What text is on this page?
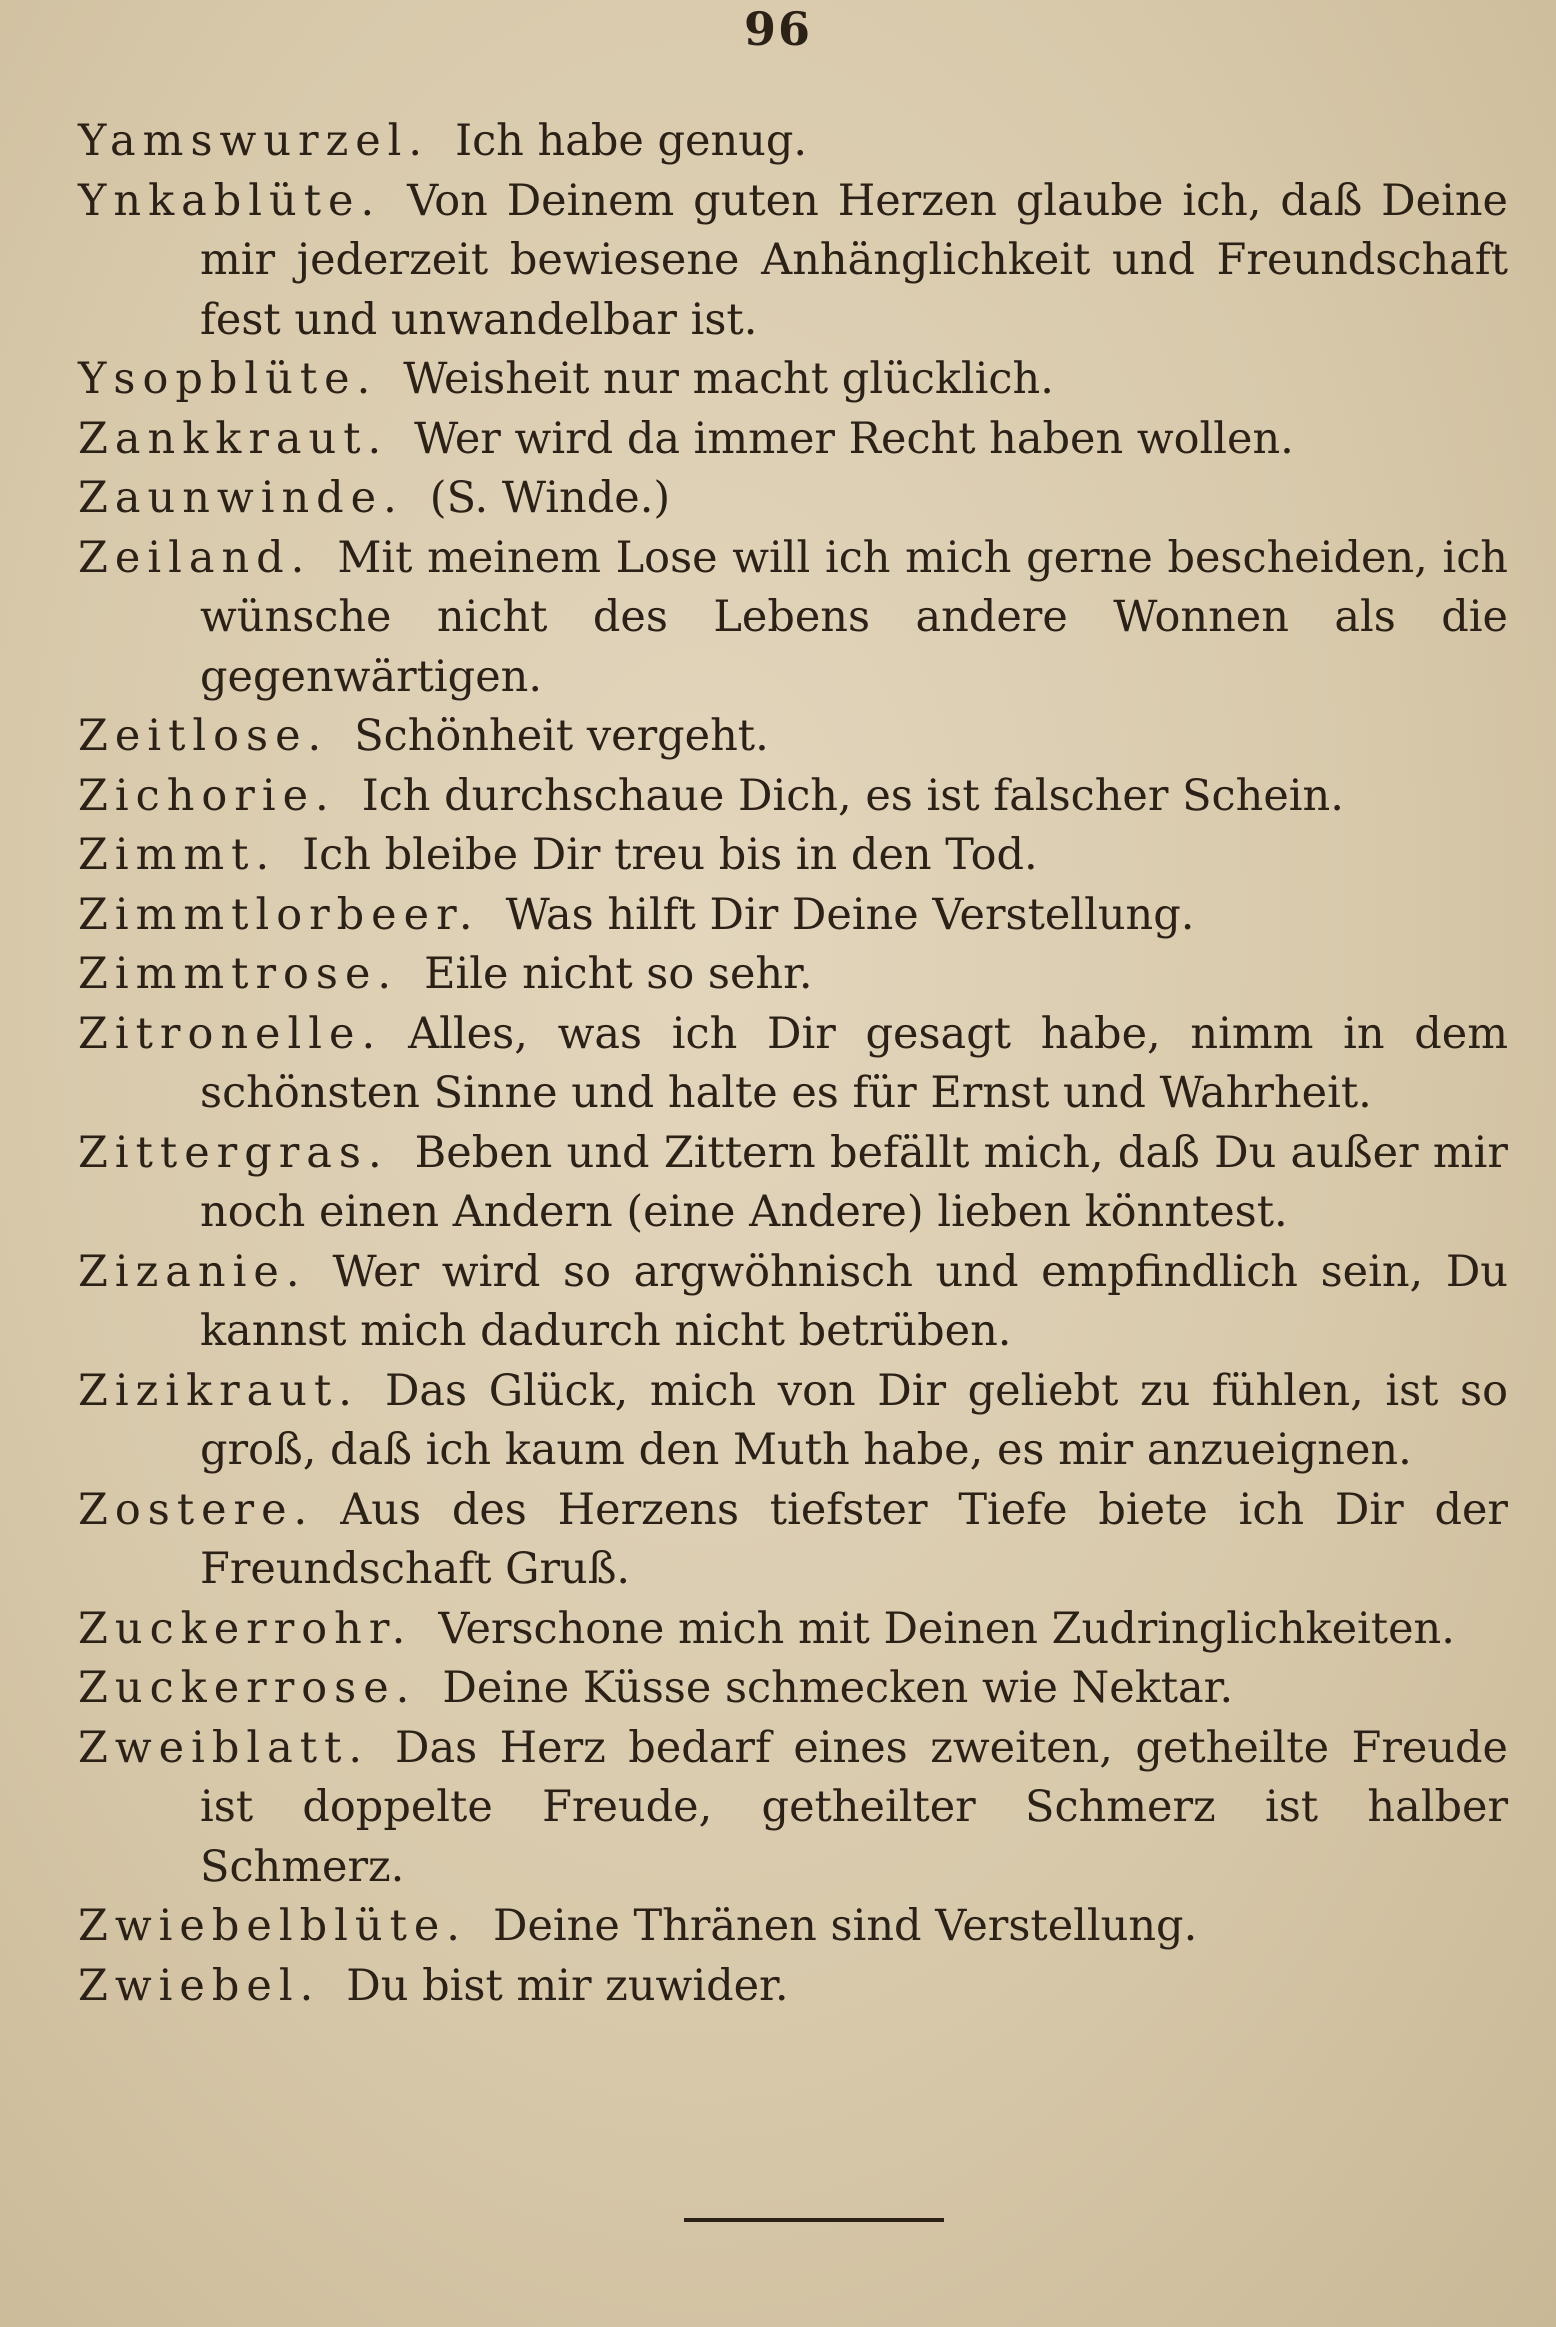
96

Yamswurzel. Ich habe genug.

Ynkablüte. Von Deinem guten Herzen glaube ich, daß Deine mir jederzeit bewiesene Anhänglichkeit und Freundschaft fest und unwandelbar ist.

Ysopblüte. Weisheit nur macht glücklich.

Zankkraut. Wer wird da immer Recht haben wollen.

Zaunwinde. (S. Winde.)

Zeiland. Mit meinem Lose will ich mich gerne bescheiden, ich wünsche nicht des Lebens andere Wonnen als die gegenwärtigen.

Zeitlose. Schönheit vergeht.

Zichorie. Ich durchschaue Dich, es ist falscher Schein.

Zimmt. Ich bleibe Dir treu bis in den Tod.

Zimmtlorbeer. Was hilft Dir Deine Verstellung.

Zimmtrose. Eile nicht so sehr.

Zitronelle. Alles, was ich Dir gesagt habe, nimm in dem schönsten Sinne und halte es für Ernst und Wahrheit.

Zittergras. Beben und Zittern befällt mich, daß Du außer mir noch einen Andern (eine Andere) lieben könntest.

Zizanie. Wer wird so argwöhnisch und empfindlich sein, Du kannst mich dadurch nicht betrüben.

Zizikraut. Das Glück, mich von Dir geliebt zu fühlen, ist so groß, daß ich kaum den Muth habe, es mir anzueignen.

Zostere. Aus des Herzens tiefster Tiefe biete ich Dir der Freundschaft Gruß.

Zuckerrohr. Verschone mich mit Deinen Zudringlichkeiten.

Zuckerrose. Deine Küsse schmecken wie Nektar.

Zweiblatt. Das Herz bedarf eines zweiten, getheilte Freude ist doppelte Freude, getheilter Schmerz ist halber Schmerz.

Zwiebelblüte. Deine Thränen sind Verstellung.

Zwiebel. Du bist mir zuwider.
